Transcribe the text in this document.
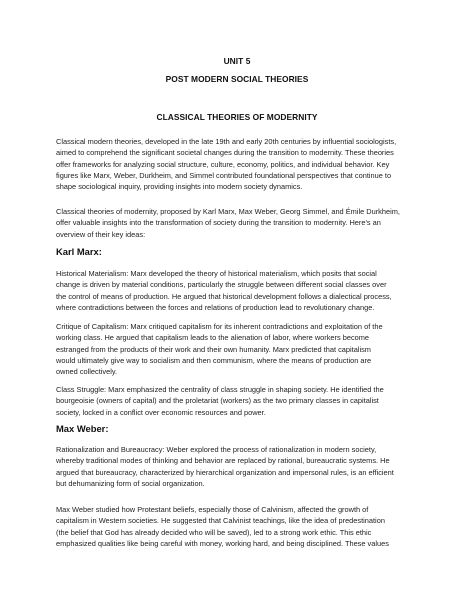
UNIT 5
POST MODERN SOCIAL THEORIES
CLASSICAL THEORIES OF MODERNITY
Classical modern theories, developed in the late 19th and early 20th centuries by influential sociologists,
aimed to comprehend the significant societal changes during the transition to modernity. These theories
offer frameworks for analyzing social structure, culture, economy, politics, and individual behavior. Key
figures like Marx, Weber, Durkheim, and Simmel contributed foundational perspectives that continue to
shape sociological inquiry, providing insights into modern society dynamics.
Classical theories of modernity, proposed by Karl Marx, Max Weber, Georg Simmel, and Émile Durkheim,
offer valuable insights into the transformation of society during the transition to modernity. Here's an
overview of their key ideas:
Karl Marx:
Historical Materialism: Marx developed the theory of historical materialism, which posits that social
change is driven by material conditions, particularly the struggle between different social classes over
the control of means of production. He argued that historical development follows a dialectical process,
where contradictions between the forces and relations of production lead to revolutionary change.
Critique of Capitalism: Marx critiqued capitalism for its inherent contradictions and exploitation of the
working class. He argued that capitalism leads to the alienation of labor, where workers become
estranged from the products of their work and their own humanity. Marx predicted that capitalism
would ultimately give way to socialism and then communism, where the means of production are
owned collectively.
Class Struggle: Marx emphasized the centrality of class struggle in shaping society. He identified the
bourgeoisie (owners of capital) and the proletariat (workers) as the two primary classes in capitalist
society, locked in a conflict over economic resources and power.
Max Weber:
Rationalization and Bureaucracy: Weber explored the process of rationalization in modern society,
whereby traditional modes of thinking and behavior are replaced by rational, bureaucratic systems. He
argued that bureaucracy, characterized by hierarchical organization and impersonal rules, is an efficient
but dehumanizing form of social organization.
Max Weber studied how Protestant beliefs, especially those of Calvinism, affected the growth of
capitalism in Western societies. He suggested that Calvinist teachings, like the idea of predestination
(the belief that God has already decided who will be saved), led to a strong work ethic. This ethic
emphasized qualities like being careful with money, working hard, and being disciplined. These values
